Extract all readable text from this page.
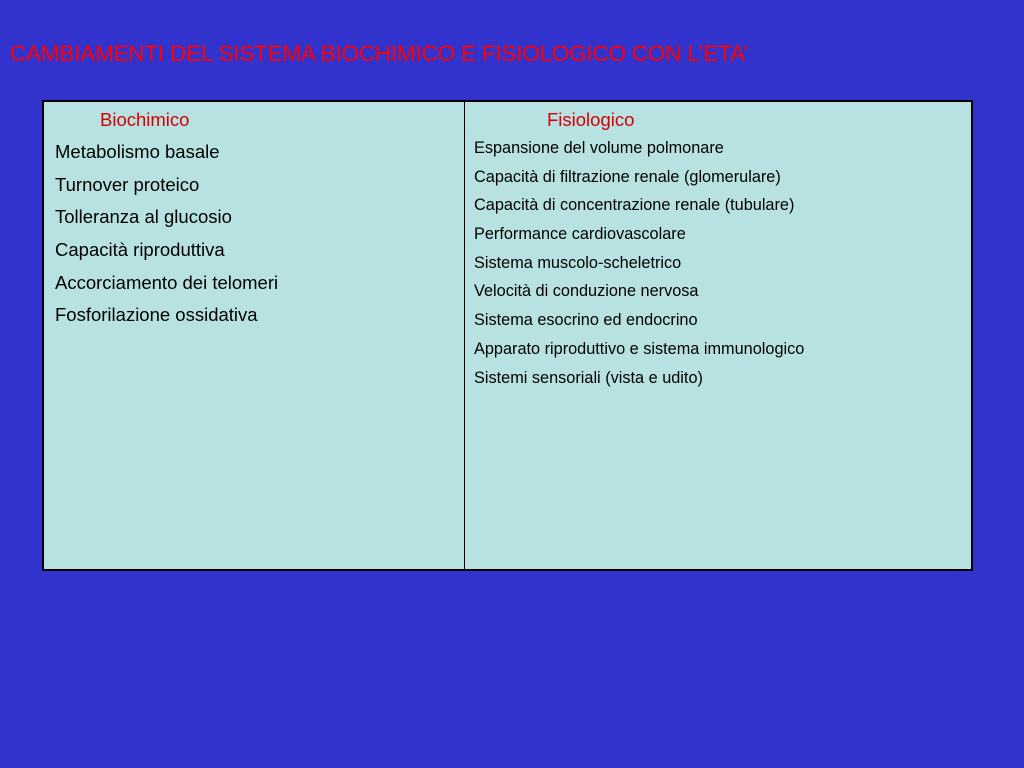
CAMBIAMENTI DEL SISTEMA BIOCHIMICO E FISIOLOGICO CON L’ETA’
Biochimico
Metabolismo basale
Turnover proteico
Tolleranza al glucosio
Capacità riproduttiva
Accorciamento dei telomeri
Fosforilazione ossidativa
Fisiologico
Espansione del volume polmonare
Capacità di filtrazione renale (glomerulare)
Capacità di concentrazione renale (tubulare)
Performance cardiovascolare
Sistema muscolo-scheletrico
Velocità di conduzione nervosa
Sistema esocrino ed endocrino
Apparato riproduttivo e sistema immunologico
Sistemi sensoriali (vista e udito)
